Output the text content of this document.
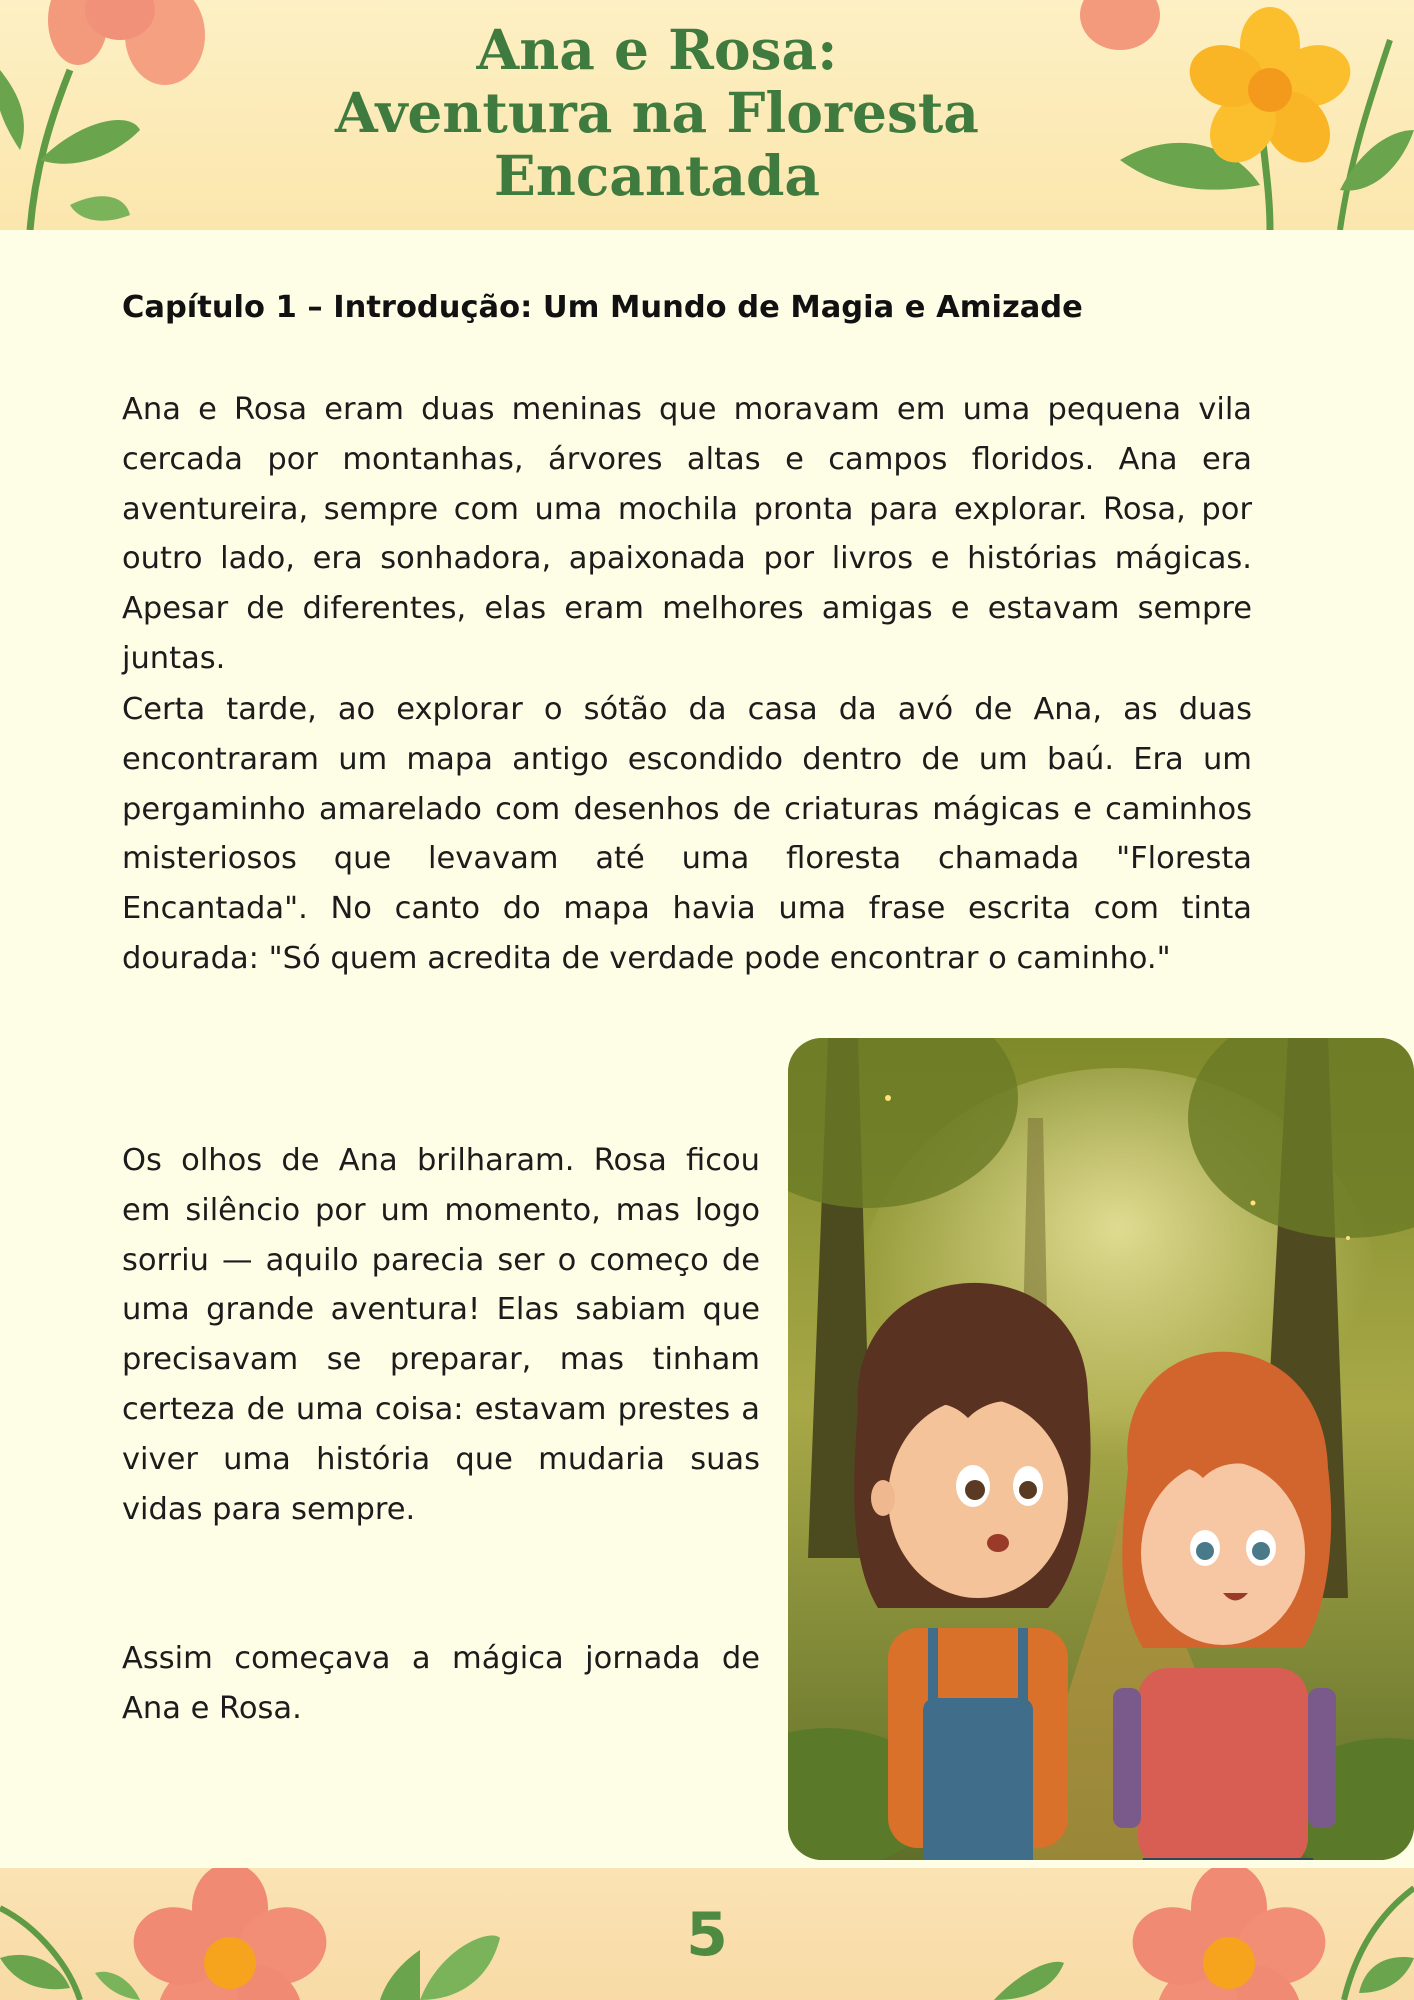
Ana e Rosa:
Aventura na Floresta
Encantada
Capítulo 1 – Introdução: Um Mundo de Magia e Amizade

Ana e Rosa eram duas meninas que moravam em uma pequena vila cercada por montanhas, árvores altas e campos floridos. Ana era aventureira, sempre com uma mochila pronta para explorar. Rosa, por outro lado, era sonhadora, apaixonada por livros e histórias mágicas. Apesar de diferentes, elas eram melhores amigas e estavam sempre juntas.

Certa tarde, ao explorar o sótão da casa da avó de Ana, as duas encontraram um mapa antigo escondido dentro de um baú. Era um pergaminho amarelado com desenhos de criaturas mágicas e caminhos misteriosos que levavam até uma floresta chamada "Floresta Encantada". No canto do mapa havia uma frase escrita com tinta dourada: "Só quem acredita de verdade pode encontrar o caminho."

Os olhos de Ana brilharam. Rosa ficou em silêncio por um momento, mas logo sorriu — aquilo parecia ser o começo de uma grande aventura! Elas sabiam que precisavam se preparar, mas tinham certeza de uma coisa: estavam prestes a viver uma história que mudaria suas vidas para sempre.

Assim começava a mágica jornada de Ana e Rosa.

5
